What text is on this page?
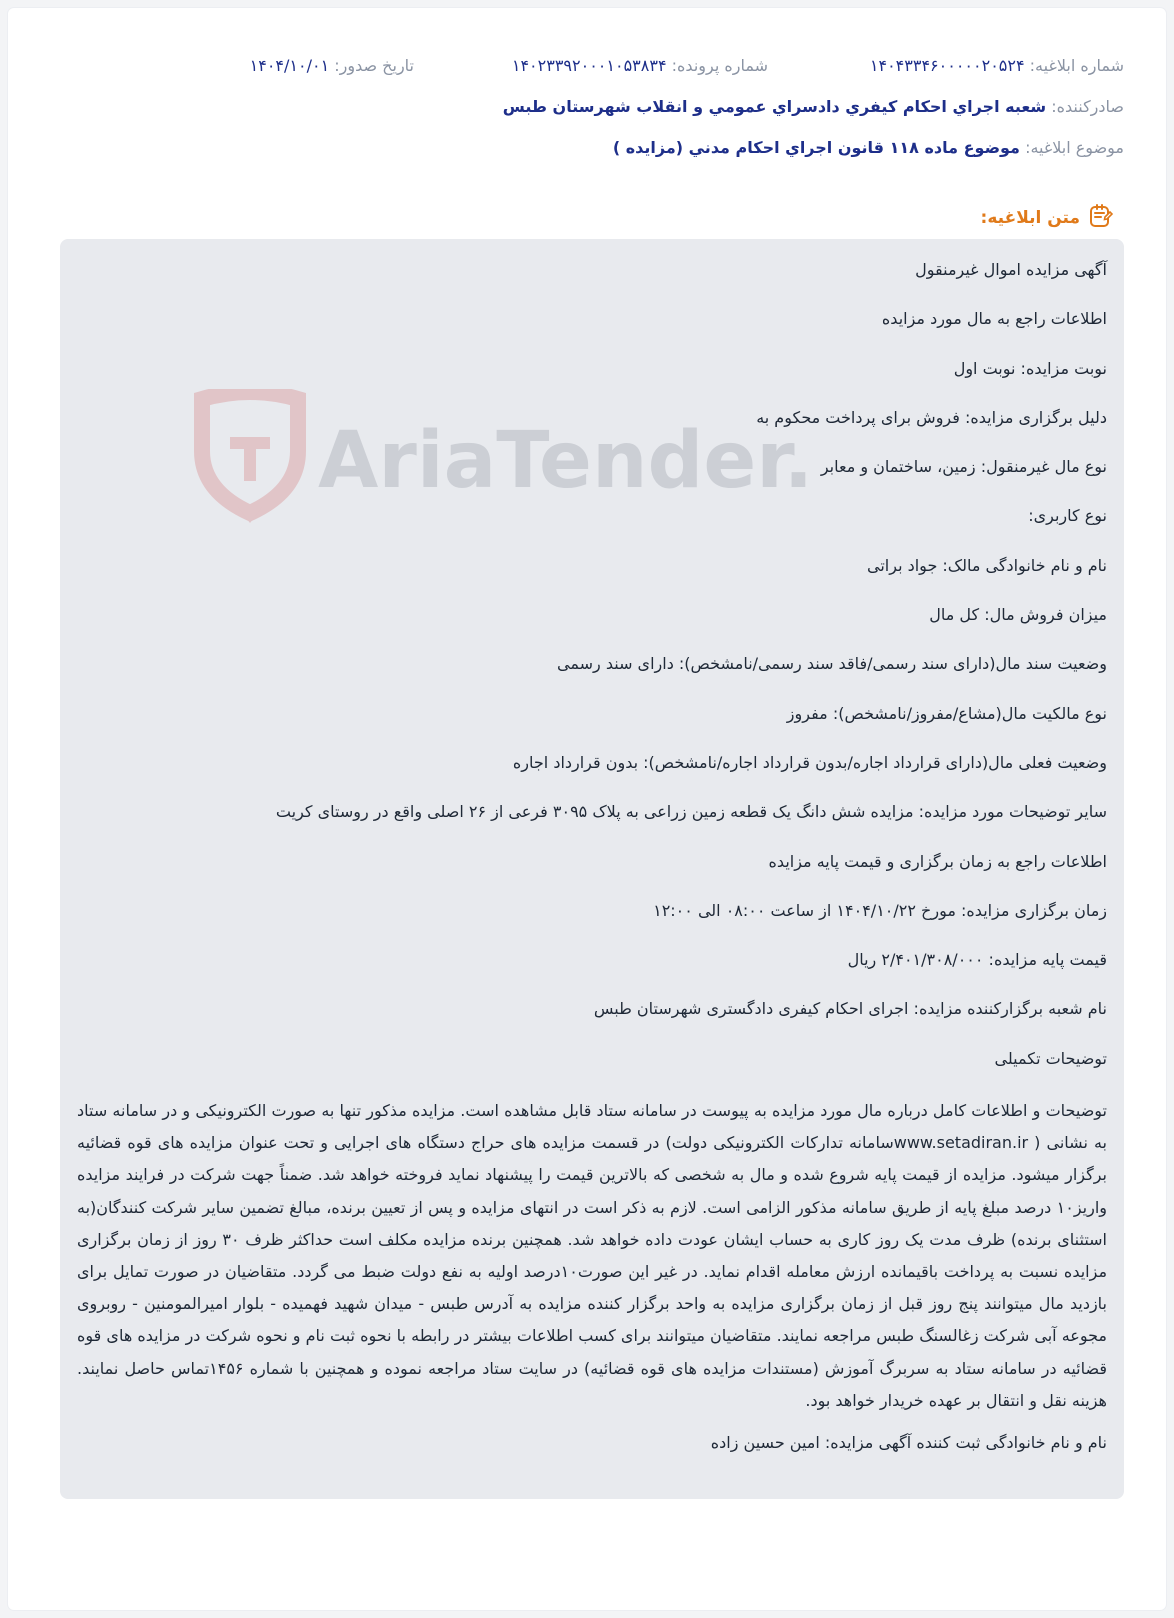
شماره ابلاغیه: ۱۴۰۴۳۳۴۶۰۰۰۰۰۲۰۵۲۴
شماره پرونده: ۱۴۰۲۳۳۹۲۰۰۰۱۰۵۳۸۳۴
تاریخ صدور: ۱۴۰۴/۱۰/۰۱
صادرکننده: شعبه اجراي احكام كيفري دادسراي عمومي و انقلاب شهرستان طبس
موضوع ابلاغیه: موضوع ماده ۱۱۸ قانون اجراي احكام مدني (مزايده )
متن ابلاغیه:
AriaTender
آگهی مزایده اموال غیرمنقول
اطلاعات راجع به مال مورد مزایده
نوبت مزایده: نوبت اول
دلیل برگزاری مزایده: فروش برای پرداخت محکوم به
نوع مال غیرمنقول: زمین، ساختمان و معابر
نوع کاربری:
نام و نام خانوادگی مالک: جواد براتی
میزان فروش مال: کل مال
وضعیت سند مال(دارای سند رسمی/فاقد سند رسمی/نامشخص): دارای سند رسمی
نوع مالکیت مال(مشاع/مفروز/نامشخص): مفروز
وضعیت فعلی مال(دارای قرارداد اجاره/بدون قرارداد اجاره/نامشخص): بدون قرارداد اجاره
سایر توضیحات مورد مزایده: مزایده شش دانگ یک قطعه زمین زراعی به پلاک ۳۰۹۵ فرعی از ۲۶ اصلی واقع در روستای کریت
اطلاعات راجع به زمان برگزاری و قیمت پایه مزایده
زمان برگزاری مزایده: مورخ ۱۴۰۴/۱۰/۲۲ از ساعت ۰۸:۰۰ الی ۱۲:۰۰
قیمت پایه مزایده: ۲/۴۰۱/۳۰۸/۰۰۰ ریال
نام شعبه برگزارکننده مزایده: اجرای احکام کیفری دادگستری شهرستان طبس
توضیحات تکمیلی
توضیحات و اطلاعات کامل درباره مال مورد مزایده به پیوست در سامانه ستاد قابل مشاهده است. مزایده مذکور تنها به صورت الکترونیکی و در سامانه ستاد به نشانی ( www.setadiran.irسامانه تدارکات الکترونیکی دولت) در قسمت مزایده های حراج دستگاه های اجرایی و تحت عنوان مزایده های قوه قضائیه برگزار میشود. مزایده از قیمت پایه شروع شده و مال به شخصی که بالاترین قیمت را پیشنهاد نماید فروخته خواهد شد. ضمناً جهت شرکت در فرایند مزایده واریز۱۰ درصد مبلغ پایه از طریق سامانه مذکور الزامی است. لازم به ذکر است در انتهای مزایده و پس از تعیین برنده، مبالغ تضمین سایر شرکت کنندگان(به استثنای برنده) ظرف مدت یک روز کاری به حساب ایشان عودت داده خواهد شد. همچنین برنده مزایده مکلف است حداکثر ظرف ۳۰ روز از زمان برگزاری مزایده نسبت به پرداخت باقیمانده ارزش معامله اقدام نماید. در غیر این صورت۱۰درصد اولیه به نفع دولت ضبط می گردد. متقاضیان در صورت تمایل برای بازدید مال میتوانند پنج روز قبل از زمان برگزاری مزایده به واحد برگزار کننده مزایده به آدرس طبس - میدان شهید فهمیده - بلوار امیرالمومنین - روبروی مجوعه آبی شرکت زغالسنگ طبس مراجعه نمایند. متقاضیان میتوانند برای کسب اطلاعات بیشتر در رابطه با نحوه ثبت نام و نحوه شرکت در مزایده های قوه قضائیه در سامانه ستاد به سربرگ آموزش (مستندات مزایده های قوه قضائیه) در سایت ستاد مراجعه نموده و همچنین با شماره ۱۴۵۶تماس حاصل نمایند. هزینه نقل و انتقال بر عهده خریدار خواهد بود.
نام و نام خانوادگی ثبت کننده آگهی مزایده: امین حسین زاده
